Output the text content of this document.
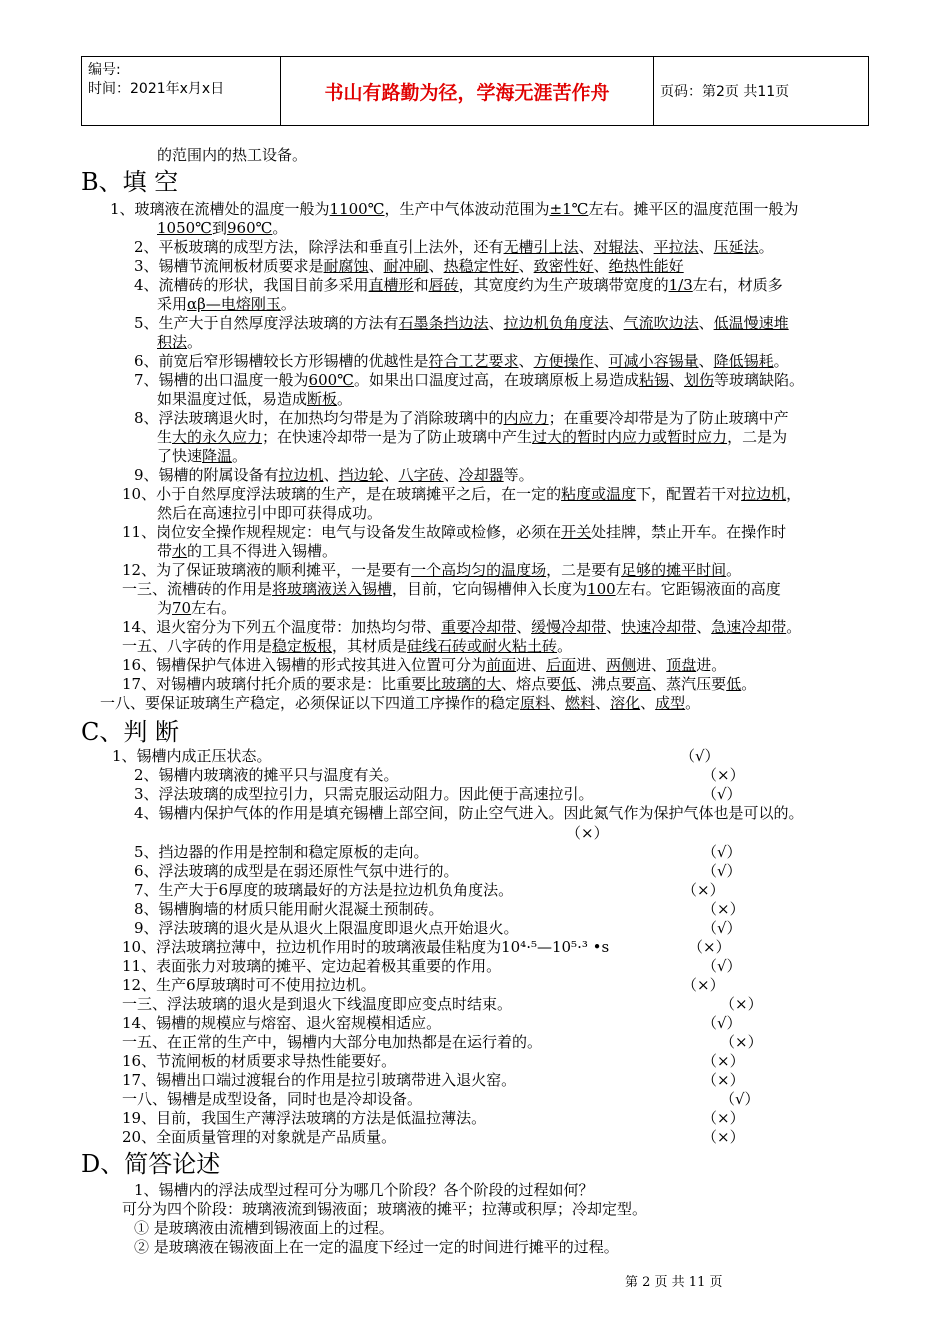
编号:
时间：2021年x月x日	书山有路勤为径，学海无涯苦作舟	页码：第2页 共11页
的范围内的热工设备。
B、填 空
1、玻璃液在流槽处的温度一般为1100℃，生产中气体波动范围为±1℃左右。摊平区的温度范围一般为
1050℃到960℃。
2、平板玻璃的成型方法，除浮法和垂直引上法外，还有无槽引上法、对辊法、平拉法、压延法。
3、锡槽节流闸板材质要求是耐腐蚀、耐冲刷、热稳定性好、致密性好、绝热性能好
4、流槽砖的形状，我国目前多采用直槽形和唇砖，其宽度约为生产玻璃带宽度的1/3左右，材质多
采用αβ—电熔刚玉。
5、生产大于自然厚度浮法玻璃的方法有石墨条挡边法、拉边机负角度法、气流吹边法、低温慢速堆
积法。
6、前宽后窄形锡槽较长方形锡槽的优越性是符合工艺要求、方便操作、可减小容锡量、降低锡耗。
7、锡槽的出口温度一般为600℃。如果出口温度过高，在玻璃原板上易造成粘锡、划伤等玻璃缺陷。
如果温度过低，易造成断板。
8、浮法玻璃退火时，在加热均匀带是为了消除玻璃中的内应力；在重要冷却带是为了防止玻璃中产
生大的永久应力；在快速冷却带一是为了防止玻璃中产生过大的暂时内应力或暂时应力，二是为
了快速降温。
9、锡槽的附属设备有拉边机、挡边轮、八字砖、冷却器等。
10、小于自然厚度浮法玻璃的生产，是在玻璃摊平之后，在一定的粘度或温度下，配置若干对拉边机，
然后在高速拉引中即可获得成功。
11、岗位安全操作规程规定：电气与设备发生故障或检修，必须在开关处挂牌，禁止开车。在操作时
带水的工具不得进入锡槽。
12、为了保证玻璃液的顺利摊平，一是要有一个高均匀的温度场，二是要有足够的摊平时间。
一三、流槽砖的作用是将玻璃液送入锡槽，目前，它向锡槽伸入长度为100左右。它距锡液面的高度
为70左右。
14、退火窑分为下列五个温度带：加热均匀带、重要冷却带、缓慢冷却带、快速冷却带、急速冷却带。
一五、八字砖的作用是稳定板根，其材质是硅线石砖或耐火粘土砖。
16、锡槽保护气体进入锡槽的形式按其进入位置可分为前面进、后面进、两侧进、顶盘进。
17、对锡槽内玻璃付托介质的要求是：比重要比玻璃的大、熔点要低、沸点要高、蒸汽压要低。
一八、要保证玻璃生产稳定，必须保证以下四道工序操作的稳定原料、燃料、溶化、成型。
C、判 断
1、锡槽内成正压状态。	（√）
2、锡槽内玻璃液的摊平只与温度有关。	（×）
3、浮法玻璃的成型拉引力，只需克服运动阻力。因此便于高速拉引。	（√）
4、锡槽内保护气体的作用是填充锡槽上部空间，防止空气进入。因此氮气作为保护气体也是可以的。
（×）
5、挡边器的作用是控制和稳定原板的走向。	（√）
6、浮法玻璃的成型是在弱还原性气氛中进行的。	（√）
7、生产大于6厚度的玻璃最好的方法是拉边机负角度法。	（×）
8、锡槽胸墙的材质只能用耐火混凝土预制砖。	（×）
9、浮法玻璃的退火是从退火上限温度即退火点开始退火。	（√）
10、浮法玻璃拉薄中，拉边机作用时的玻璃液最佳粘度为10⁴·⁵—10⁵·³ •s	（×）
11、表面张力对玻璃的摊平、定边起着极其重要的作用。	（√）
12、生产6厚玻璃时可不使用拉边机。	（×）
一三、浮法玻璃的退火是到退火下线温度即应变点时结束。	（×）
14、锡槽的规模应与熔窑、退火窑规模相适应。	（√）
一五、在正常的生产中，锡槽内大部分电加热都是在运行着的。	（×）
16、节流闸板的材质要求导热性能要好。	（×）
17、锡槽出口端过渡辊台的作用是拉引玻璃带进入退火窑。	（×）
一八、锡槽是成型设备，同时也是冷却设备。	（√）
19、目前，我国生产薄浮法玻璃的方法是低温拉薄法。	（×）
20、全面质量管理的对象就是产品质量。	（×）
D、简答论述
1、锡槽内的浮法成型过程可分为哪几个阶段？各个阶段的过程如何？
可分为四个阶段：玻璃液流到锡液面；玻璃液的摊平；拉薄或积厚；冷却定型。
① 是玻璃液由流槽到锡液面上的过程。
② 是玻璃液在锡液面上在一定的温度下经过一定的时间进行摊平的过程。
第 2 页 共 11 页
